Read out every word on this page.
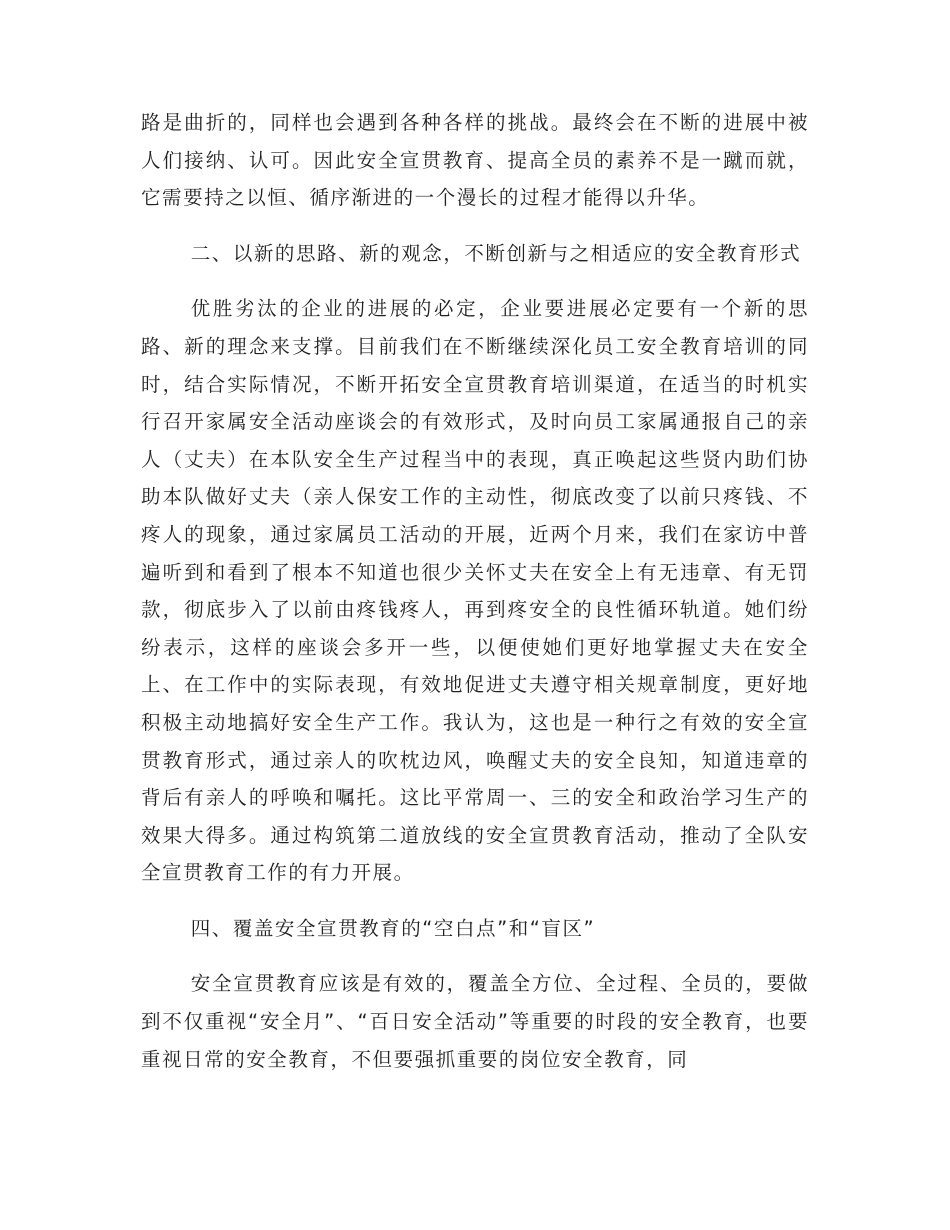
路是曲折的，同样也会遇到各种各样的挑战。最终会在不断的进展中被人们接纳、认可。因此安全宣贯教育、提高全员的素养不是一蹴而就，它需要持之以恒、循序渐进的一个漫长的过程才能得以升华。

二、以新的思路、新的观念，不断创新与之相适应的安全教育形式

优胜劣汰的企业的进展的必定，企业要进展必定要有一个新的思路、新的理念来支撑。目前我们在不断继续深化员工安全教育培训的同时，结合实际情况，不断开拓安全宣贯教育培训渠道，在适当的时机实行召开家属安全活动座谈会的有效形式，及时向员工家属通报自己的亲人（丈夫）在本队安全生产过程当中的表现，真正唤起这些贤内助们协助本队做好丈夫（亲人保安工作的主动性，彻底改变了以前只疼钱、不疼人的现象，通过家属员工活动的开展，近两个月来，我们在家访中普遍听到和看到了根本不知道也很少关怀丈夫在安全上有无违章、有无罚款，彻底步入了以前由疼钱疼人，再到疼安全的良性循环轨道。她们纷纷表示，这样的座谈会多开一些，以便使她们更好地掌握丈夫在安全上、在工作中的实际表现，有效地促进丈夫遵守相关规章制度，更好地积极主动地搞好安全生产工作。我认为，这也是一种行之有效的安全宣贯教育形式，通过亲人的吹枕边风，唤醒丈夫的安全良知，知道违章的背后有亲人的呼唤和嘱托。这比平常周一、三的安全和政治学习生产的效果大得多。通过构筑第二道放线的安全宣贯教育活动，推动了全队安全宣贯教育工作的有力开展。

四、覆盖安全宣贯教育的“空白点”和“盲区”

安全宣贯教育应该是有效的，覆盖全方位、全过程、全员的，要做到不仅重视“安全月”、“百日安全活动”等重要的时段的安全教育，也要重视日常的安全教育，不但要强抓重要的岗位安全教育，同
